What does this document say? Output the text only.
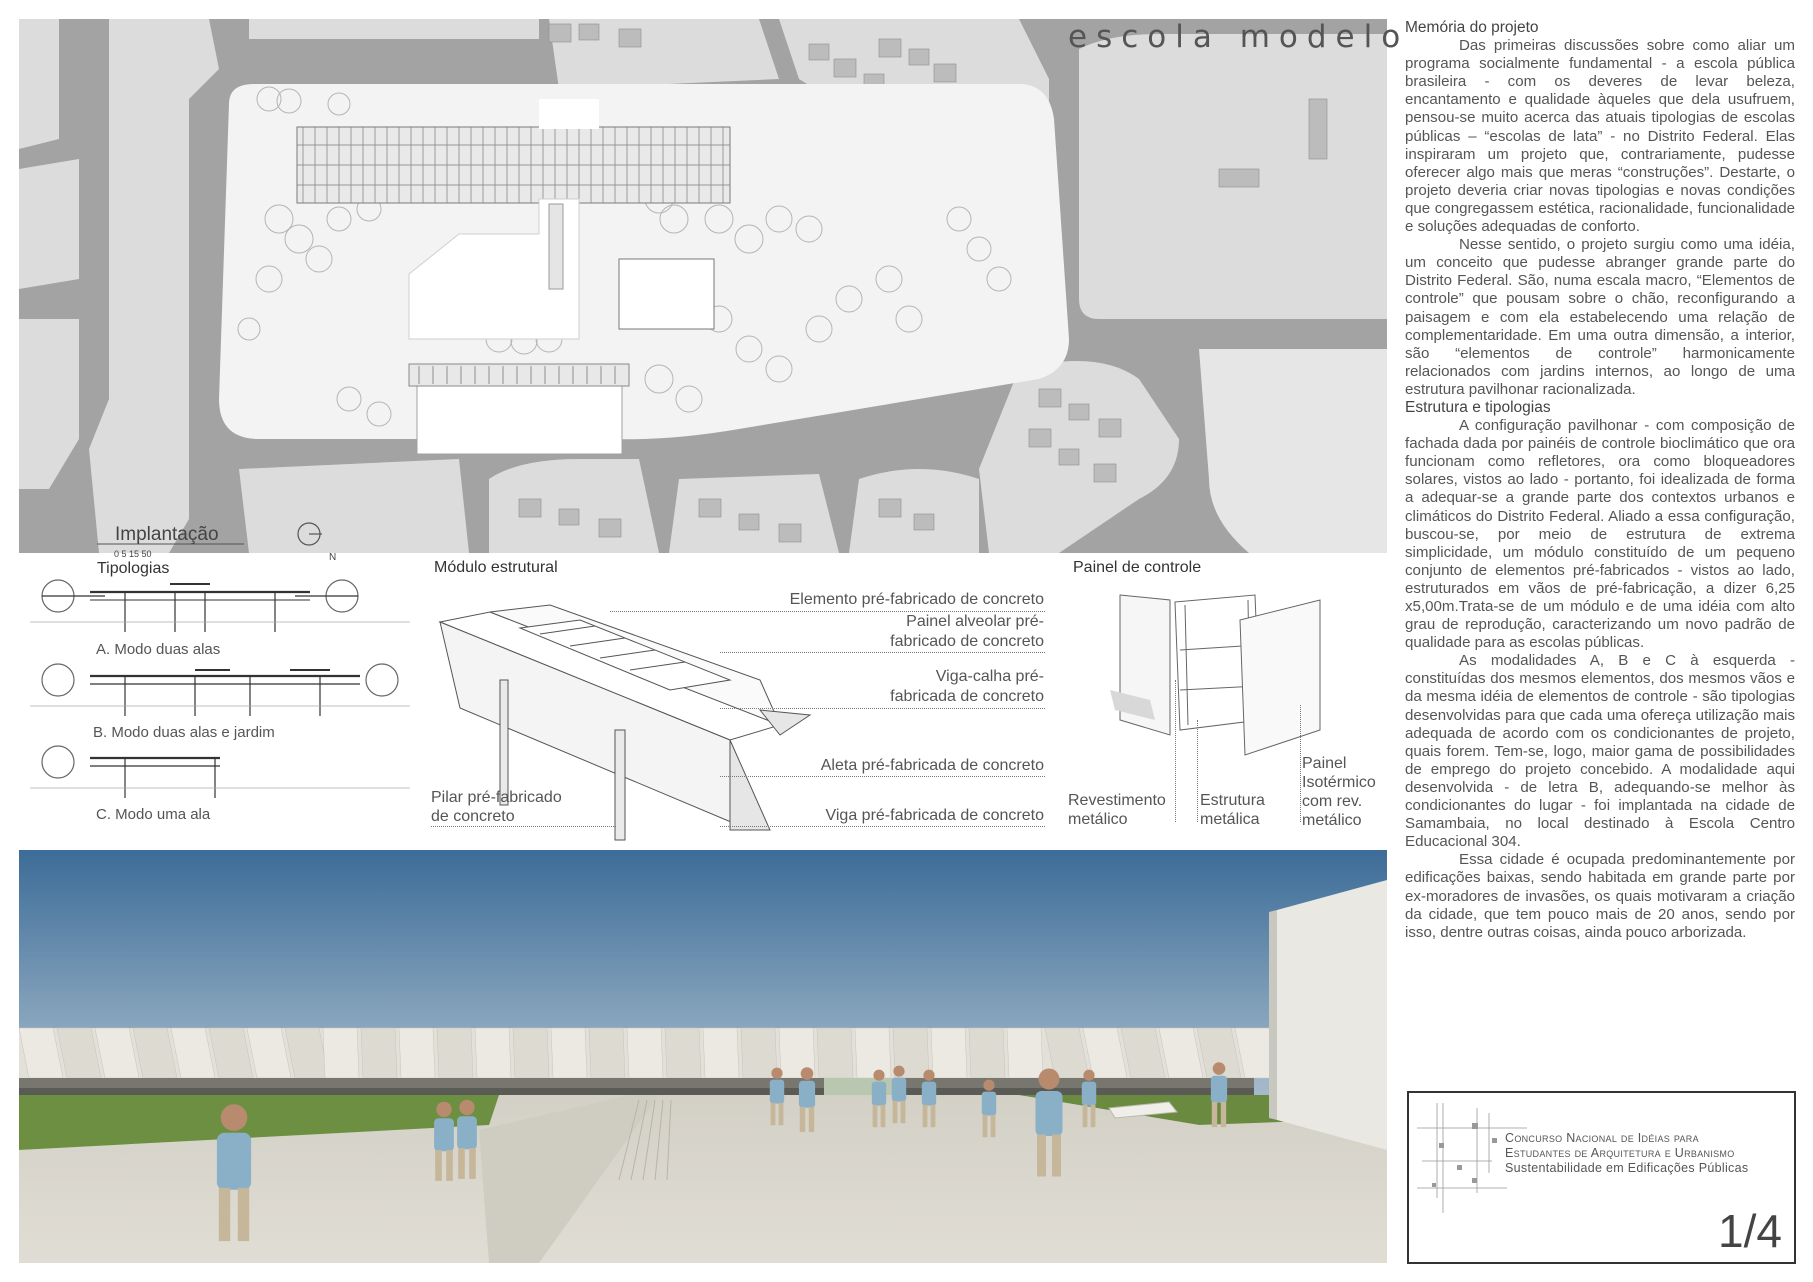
Implantação
0 5 15 50	N
escola modelo
Tipologias
A. Modo duas alas
B. Modo duas alas e jardim
C. Modo uma ala
Módulo estrutural
Elemento pré-fabricado de concreto
Painel alveolar pré-
fabricado de concreto
Viga-calha pré-
fabricada de concreto
Aleta pré-fabricada de concreto
Viga pré-fabricada de concreto
Pilar pré-fabricado
de concreto
Painel de controle
Revestimento
metálico
Estrutura
metálica
Painel
Isotérmico
com rev.
metálico
Memória do projeto

Das primeiras discussões sobre como aliar um programa socialmente fundamental - a escola pública brasileira - com os deveres de levar beleza, encantamento e qualidade àqueles que dela usufruem, pensou-se muito acerca das atuais tipologias de escolas públicas – “escolas de lata” - no Distrito Federal. Elas inspiraram um projeto que, contrariamente, pudesse oferecer algo mais que meras “construções”. Destarte, o projeto deveria criar novas tipologias e novas condições que congregassem estética, racionalidade, funcionalidade e soluções adequadas de conforto.

Nesse sentido, o projeto surgiu como uma idéia, um conceito que pudesse abranger grande parte do Distrito Federal. São, numa escala macro, “Elementos de controle” que pousam sobre o chão, reconfigurando a paisagem e com ela estabelecendo uma relação de complementaridade. Em uma outra dimensão, a interior, são “elementos de controle” harmonicamente relacionados com jardins internos, ao longo de uma estrutura pavilhonar racionalizada.

Estrutura e tipologias

A configuração pavilhonar - com composição de fachada dada por painéis de controle bioclimático que ora funcionam como refletores, ora como bloqueadores solares, vistos ao lado - portanto, foi idealizada de forma a adequar-se a grande parte dos contextos urbanos e climáticos do Distrito Federal. Aliado a essa configuração, buscou-se, por meio de estrutura de extrema simplicidade, um módulo constituído de um pequeno conjunto de elementos pré-fabricados - vistos ao lado, estruturados em vãos de pré-fabricação, a dizer 6,25 x5,00m.Trata-se de um módulo e de uma idéia com alto grau de reprodução, caracterizando um novo padrão de qualidade para as escolas públicas.

As modalidades A, B e C à esquerda - constituídas dos mesmos elementos, dos mesmos vãos e da mesma idéia de elementos de controle - são tipologias desenvolvidas para que cada uma ofereça utilização mais adequada de acordo com os condicionantes de projeto, quais forem. Tem-se, logo, maior gama de possibilidades de emprego do projeto concebido. A modalidade aqui desenvolvida - de letra B, adequando-se melhor às condicionantes do lugar - foi implantada na cidade de Samambaia, no local destinado à Escola Centro Educacional 304.

Essa cidade é ocupada predominantemente por edificações baixas, sendo habitada em grande parte por ex-moradores de invasões, os quais motivaram a criação da cidade, que tem pouco mais de 20 anos, sendo por isso, dentre outras coisas, ainda pouco arborizada.

Concurso Nacional de Idéias para
Estudantes de Arquitetura e Urbanismo
Sustentabilidade em Edificações Públicas
1/4
